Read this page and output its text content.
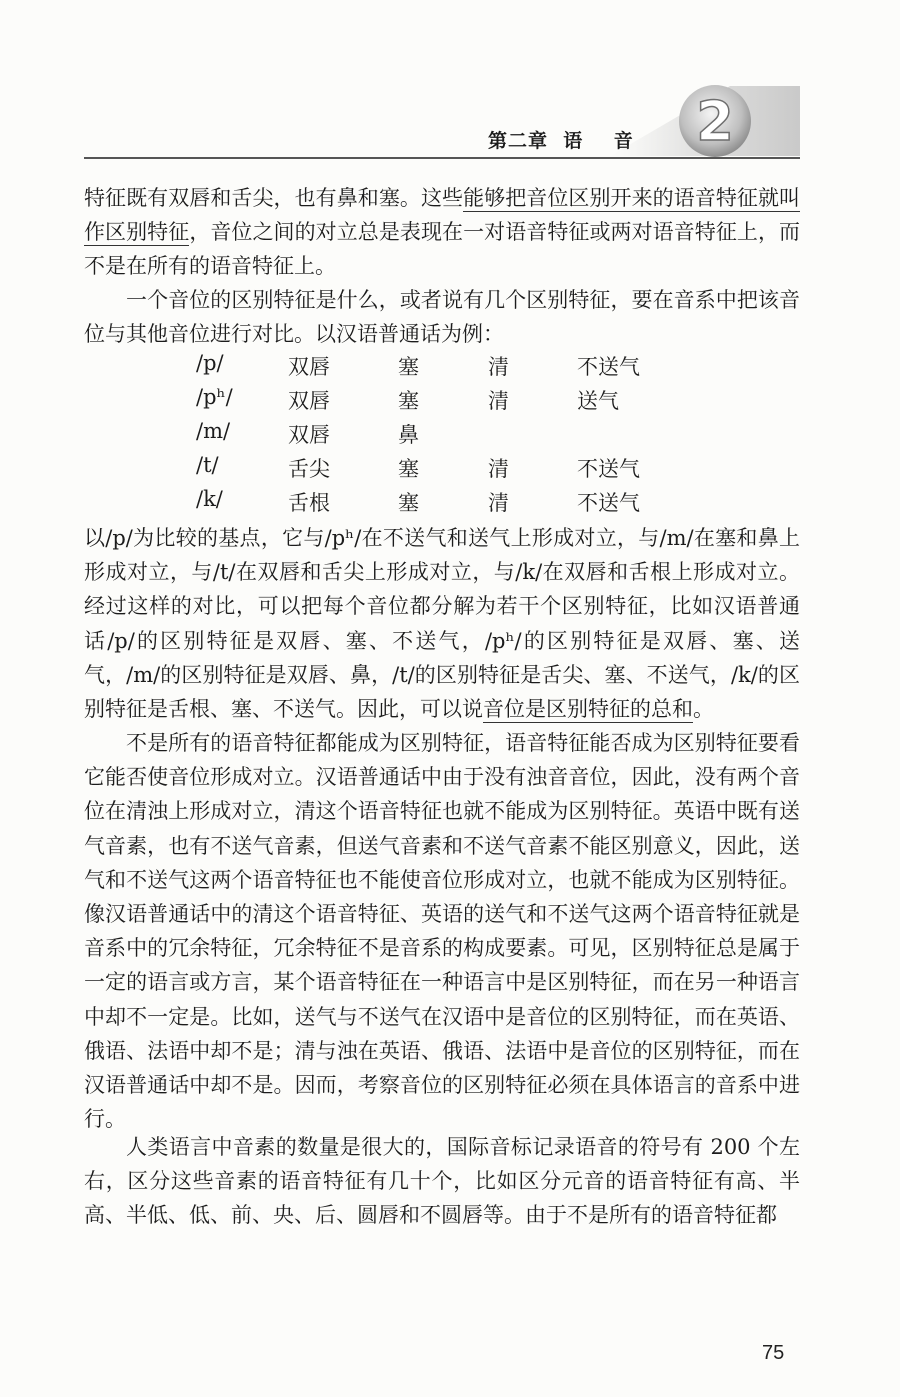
第二章  语    音 2

特征既有双唇和舌尖，也有鼻和塞。这些能够把音位区别开来的语音特征就叫作区别特征，音位之间的对立总是表现在一对语音特征或两对语音特征上，而不是在所有的语音特征上。

一个音位的区别特征是什么，或者说有几个区别特征，要在音系中把该音位与其他音位进行对比。以汉语普通话为例：

/p/	双唇	塞	清	不送气
/pʰ/	双唇	塞	清	送气
/m/	双唇	鼻
/t/	舌尖	塞	清	不送气
/k/	舌根	塞	清	不送气

以/p/为比较的基点，它与/pʰ/在不送气和送气上形成对立，与/m/在塞和鼻上形成对立，与/t/在双唇和舌尖上形成对立，与/k/在双唇和舌根上形成对立。经过这样的对比，可以把每个音位都分解为若干个区别特征，比如汉语普通话/p/的区别特征是双唇、塞、不送气，/pʰ/的区别特征是双唇、塞、送气，/m/的区别特征是双唇、鼻，/t/的区别特征是舌尖、塞、不送气，/k/的区别特征是舌根、塞、不送气。因此，可以说音位是区别特征的总和。

不是所有的语音特征都能成为区别特征，语音特征能否成为区别特征要看它能否使音位形成对立。汉语普通话中由于没有浊音音位，因此，没有两个音位在清浊上形成对立，清这个语音特征也就不能成为区别特征。英语中既有送气音素，也有不送气音素，但送气音素和不送气音素不能区别意义，因此，送气和不送气这两个语音特征也不能使音位形成对立，也就不能成为区别特征。像汉语普通话中的清这个语音特征、英语的送气和不送气这两个语音特征就是音系中的冗余特征，冗余特征不是音系的构成要素。可见，区别特征总是属于一定的语言或方言，某个语音特征在一种语言中是区别特征，而在另一种语言中却不一定是。比如，送气与不送气在汉语中是音位的区别特征，而在英语、俄语、法语中却不是；清与浊在英语、俄语、法语中是音位的区别特征，而在汉语普通话中却不是。因而，考察音位的区别特征必须在具体语言的音系中进行。

人类语言中音素的数量是很大的，国际音标记录语音的符号有 200 个左右，区分这些音素的语音特征有几十个，比如区分元音的语音特征有高、半高、半低、低、前、央、后、圆唇和不圆唇等。由于不是所有的语音特征都

75
